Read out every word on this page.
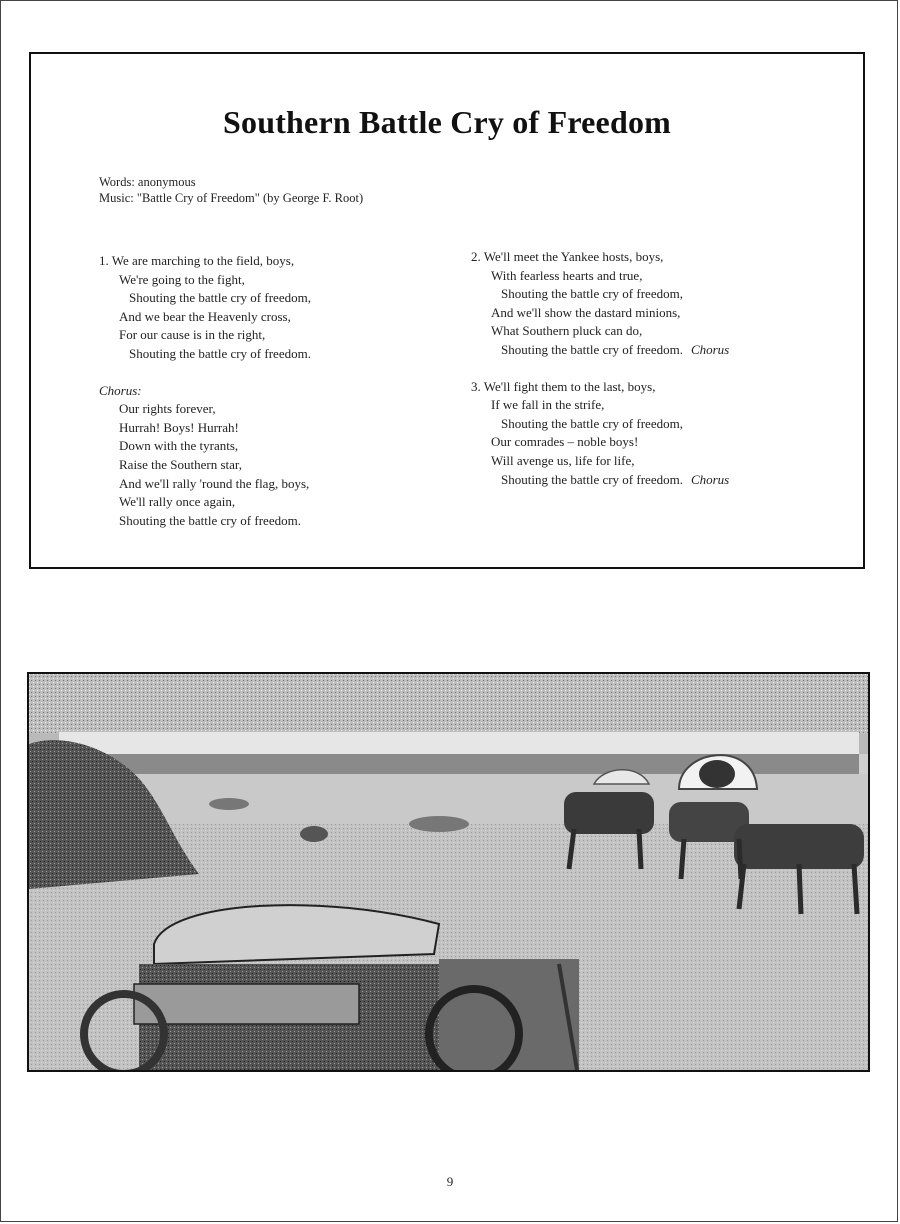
Southern Battle Cry of Freedom
Words: anonymous
Music: "Battle Cry of Freedom" (by George F. Root)
1. We are marching to the field, boys,
We're going to the fight,
Shouting the battle cry of freedom,
And we bear the Heavenly cross,
For our cause is in the right,
Shouting the battle cry of freedom.
Chorus:
Our rights forever,
Hurrah! Boys! Hurrah!
Down with the tyrants,
Raise the Southern star,
And we'll rally 'round the flag, boys,
We'll rally once again,
Shouting the battle cry of freedom.
2. We'll meet the Yankee hosts, boys,
With fearless hearts and true,
Shouting the battle cry of freedom,
And we'll show the dastard minions,
What Southern pluck can do,
Shouting the battle cry of freedom. Chorus
3. We'll fight them to the last, boys,
If we fall in the strife,
Shouting the battle cry of freedom,
Our comrades – noble boys!
Will avenge us, life for life,
Shouting the battle cry of freedom. Chorus
9
